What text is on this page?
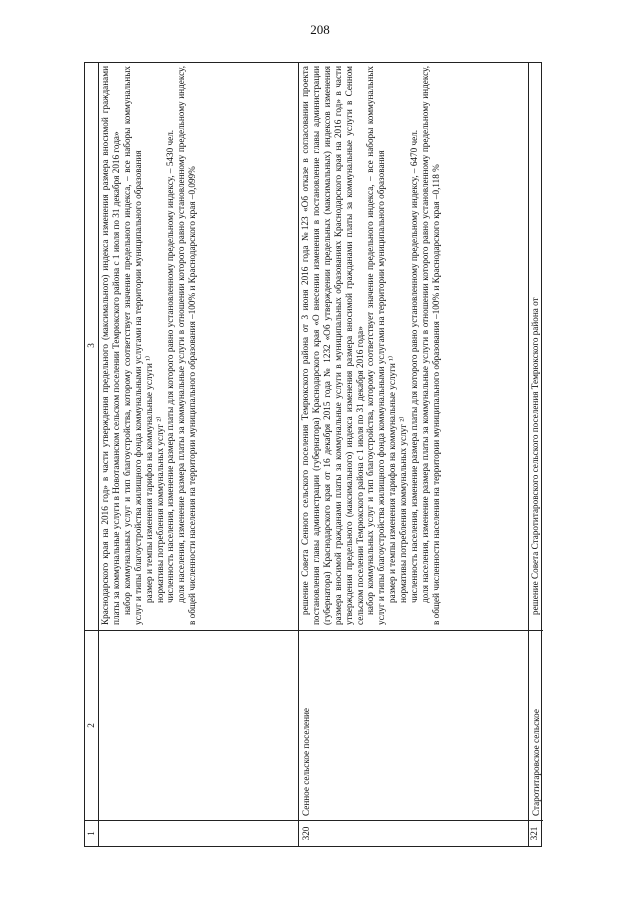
208
1
2
3 Краснодарского края на 2016 год» в части утверждения предельного (максимального) индекса изменения размера вносимой гражданами платы за коммунальные услуги в Новотаманском сельском поселении Темрюкского района с 1 июля по 31 декабря 2016 года» набор коммунальных услуг и тип благоустройства, которому соответствует значение предельного индекса, – все наборы коммунальных услуг и типы благоустройства жилищного фонда коммунальными услугами на территории муниципального образования размер и темпы изменения тарифов на коммунальные услуги ¹⁾ нормативы потребления коммунальных услуг ²⁾ численность населения, изменение размера платы для которого равно установленному предельному индексу, – 5430 чел. доля населения, изменение размера платы за коммунальные услуги в отношении которого равно установленному предельному индексу, в общей численности населения на территории муниципального образования –100% и Краснодарского края –0,099%

320
Сенное сельское поселение

решение Совета Сенного сельского поселения Темрюкского района от 3 июня 2016 года №123 «Об отказе в согласовании проекта постановления главы администрации (губернатора) Краснодарского края «О внесении изменения в постановление главы администрации (губернатора) Краснодарского края от 16 декабря 2015 года № 1232 «Об утверждении предельных (максимальных) индексов изменения размера вносимой гражданами платы за коммунальные услуги в муниципальных образованиях Краснодарского края на 2016 год» в части утверждения предельного (максимального) индекса изменения размера вносимой гражданами платы за коммунальные услуги в Сенном сельском поселении Темрюкского района с 1 июля по 31 декабря 2016 года» набор коммунальных услуг и тип благоустройства, которому соответствует значение предельного индекса, – все наборы коммунальных услуг и типы благоустройства жилищного фонда коммунальными услугами на территории муниципального образования размер и темпы изменения тарифов на коммунальные услуги ¹⁾ нормативы потребления коммунальных услуг ²⁾ численность населения, изменение размера платы для которого равно установленному предельному индексу, – 6470 чел. доля населения, изменение размера платы за коммунальные услуги в отношении которого равно установленному предельному индексу, в общей численности населения на территории муниципального образования –100% и Краснодарского края –0,118 %

321
Старотитаровское сельское

решение Совета Старотитаровского сельского поселения Темрюкского района от
